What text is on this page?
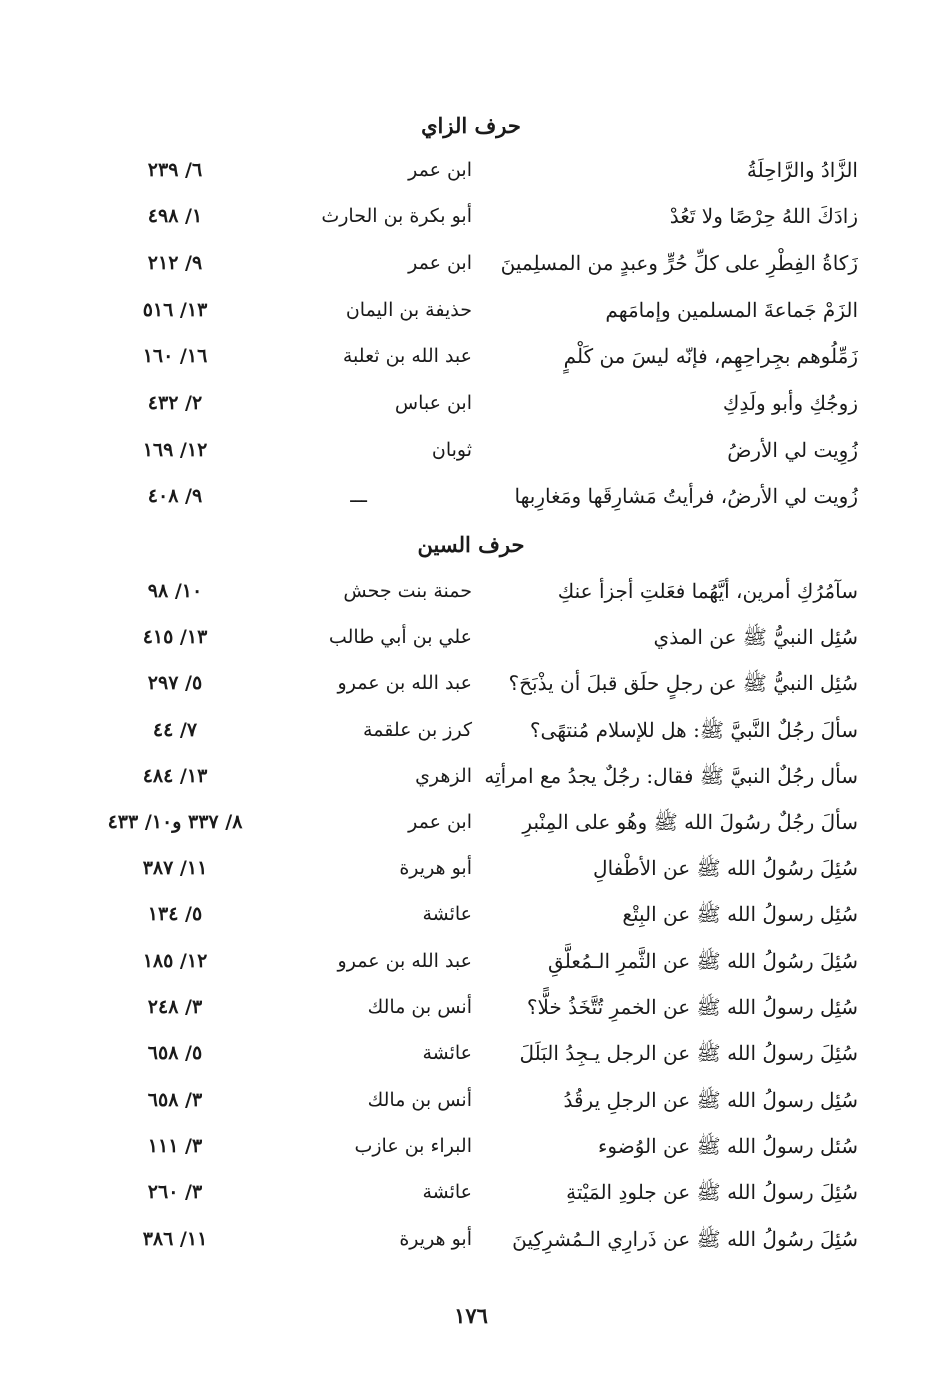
حرف الزاي
الزَّادُ والرَّاحِلَةُ
ابن عمر
٦/ ٢٣٩
زادَكَ اللهُ حِرْصًا ولا تَعُدْ
أبو بكرة بن الحارث
١/ ٤٩٨
زَكاةُ الفِطْرِ على كلِّ حُرٍّ وعبدٍ من المسلِمينَ
ابن عمر
٩/ ٢١٢
الزَمْ جَماعةَ المسلمين وإمامَهم
حذيفة بن اليمان
١٣/ ٥١٦
زَمِّلُوهم بجِراحِهِم، فإنّه ليسَ من كَلْمٍ
عبد الله بن ثعلبة
١٦/ ١٦٠
زوجُكِ وأبو ولَدِكِ
ابن عباس
٢/ ٤٣٢
زُوِيت لي الأرضُ
ثوبان
١٢/ ١٦٩
زُويت لي الأرضُ، فرأيتُ مَشارِقَها ومَغارِبها
ـــ
٩/ ٤٠٨
حرف السين
سآمُرُكِ أمرين، أيَّهُما فعَلتِ أجزأ عنكِ
حمنة بنت جحش
١٠/ ٩٨
سُئِل النبيُّ ﷺ عن المذي
علي بن أبي طالب
١٣/ ٤١٥
سُئِل النبيُّ ﷺ عن رجلٍ حلَق قبلَ أن يذْبَحَ؟
عبد الله بن عمرو
٥/ ٢٩٧
سألَ رجُلٌ النَّبيَّ ﷺ: هل للإسلام مُنتهًى؟
كرز بن علقمة
٧/ ٤٤
سأل رجُلٌ النبيَّ ﷺ فقال: رجُلٌ يجدُ مع امرأتِه
الزهري
١٣/ ٤٨٤
سألَ رجُلٌ رسُولَ الله ﷺ وهُو على المِنْبرِ
ابن عمر
٨/ ٣٣٧ و١٠/ ٤٣٣
سُئِلَ رسُولُ الله ﷺ عن الأطْفالِ
أبو هريرة
١١/ ٣٨٧
سُئِل رسولُ الله ﷺ عن البِتْع
عائشة
٥/ ١٣٤
سُئِلَ رسُولُ الله ﷺ عن الثَّمرِ الـمُعلَّقِ
عبد الله بن عمرو
١٢/ ١٨٥
سُئِل رسولُ الله ﷺ عن الخمرِ تُتَّخَذُ خلًّا؟
أنس بن مالك
٣/ ٢٤٨
سُئِلَ رسولُ الله ﷺ عن الرجل يـجِدُ البَلَلَ
عائشة
٥/ ٦٥٨
سُئِل رسولُ الله ﷺ عن الرجلِ يرقُدُ
أنس بن مالك
٣/ ٦٥٨
سُئل رسولُ الله ﷺ عن الوُضوء
البراء بن عازب
٣/ ١١١
سُئِلَ رسولُ الله ﷺ عن جلودِ المَيْتةِ
عائشة
٣/ ٢٦٠
سُئِلَ رسُولُ الله ﷺ عن ذَرارِي الـمُشرِكِينَ
أبو هريرة
١١/ ٣٨٦
١٧٦
